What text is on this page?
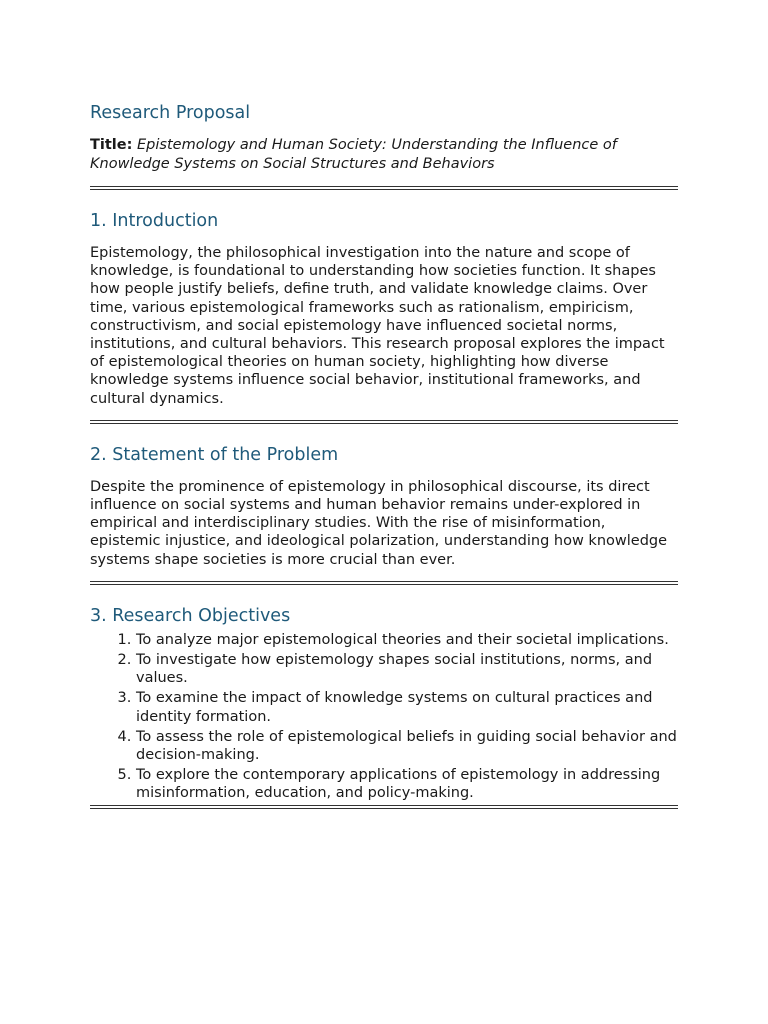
Research Proposal

Title: Epistemology and Human Society: Understanding the Influence of Knowledge Systems on Social Structures and Behaviors

1. Introduction

Epistemology, the philosophical investigation into the nature and scope of knowledge, is foundational to understanding how societies function. It shapes how people justify beliefs, define truth, and validate knowledge claims. Over time, various epistemological frameworks such as rationalism, empiricism, constructivism, and social epistemology have influenced societal norms, institutions, and cultural behaviors. This research proposal explores the impact of epistemological theories on human society, highlighting how diverse knowledge systems influence social behavior, institutional frameworks, and cultural dynamics.

2. Statement of the Problem

Despite the prominence of epistemology in philosophical discourse, its direct influence on social systems and human behavior remains under-explored in empirical and interdisciplinary studies. With the rise of misinformation, epistemic injustice, and ideological polarization, understanding how knowledge systems shape societies is more crucial than ever.

3. Research Objectives
1. To analyze major epistemological theories and their societal implications.
2. To investigate how epistemology shapes social institutions, norms, and values.
3. To examine the impact of knowledge systems on cultural practices and identity formation.
4. To assess the role of epistemological beliefs in guiding social behavior and decision-making.
5. To explore the contemporary applications of epistemology in addressing misinformation, education, and policy-making.
